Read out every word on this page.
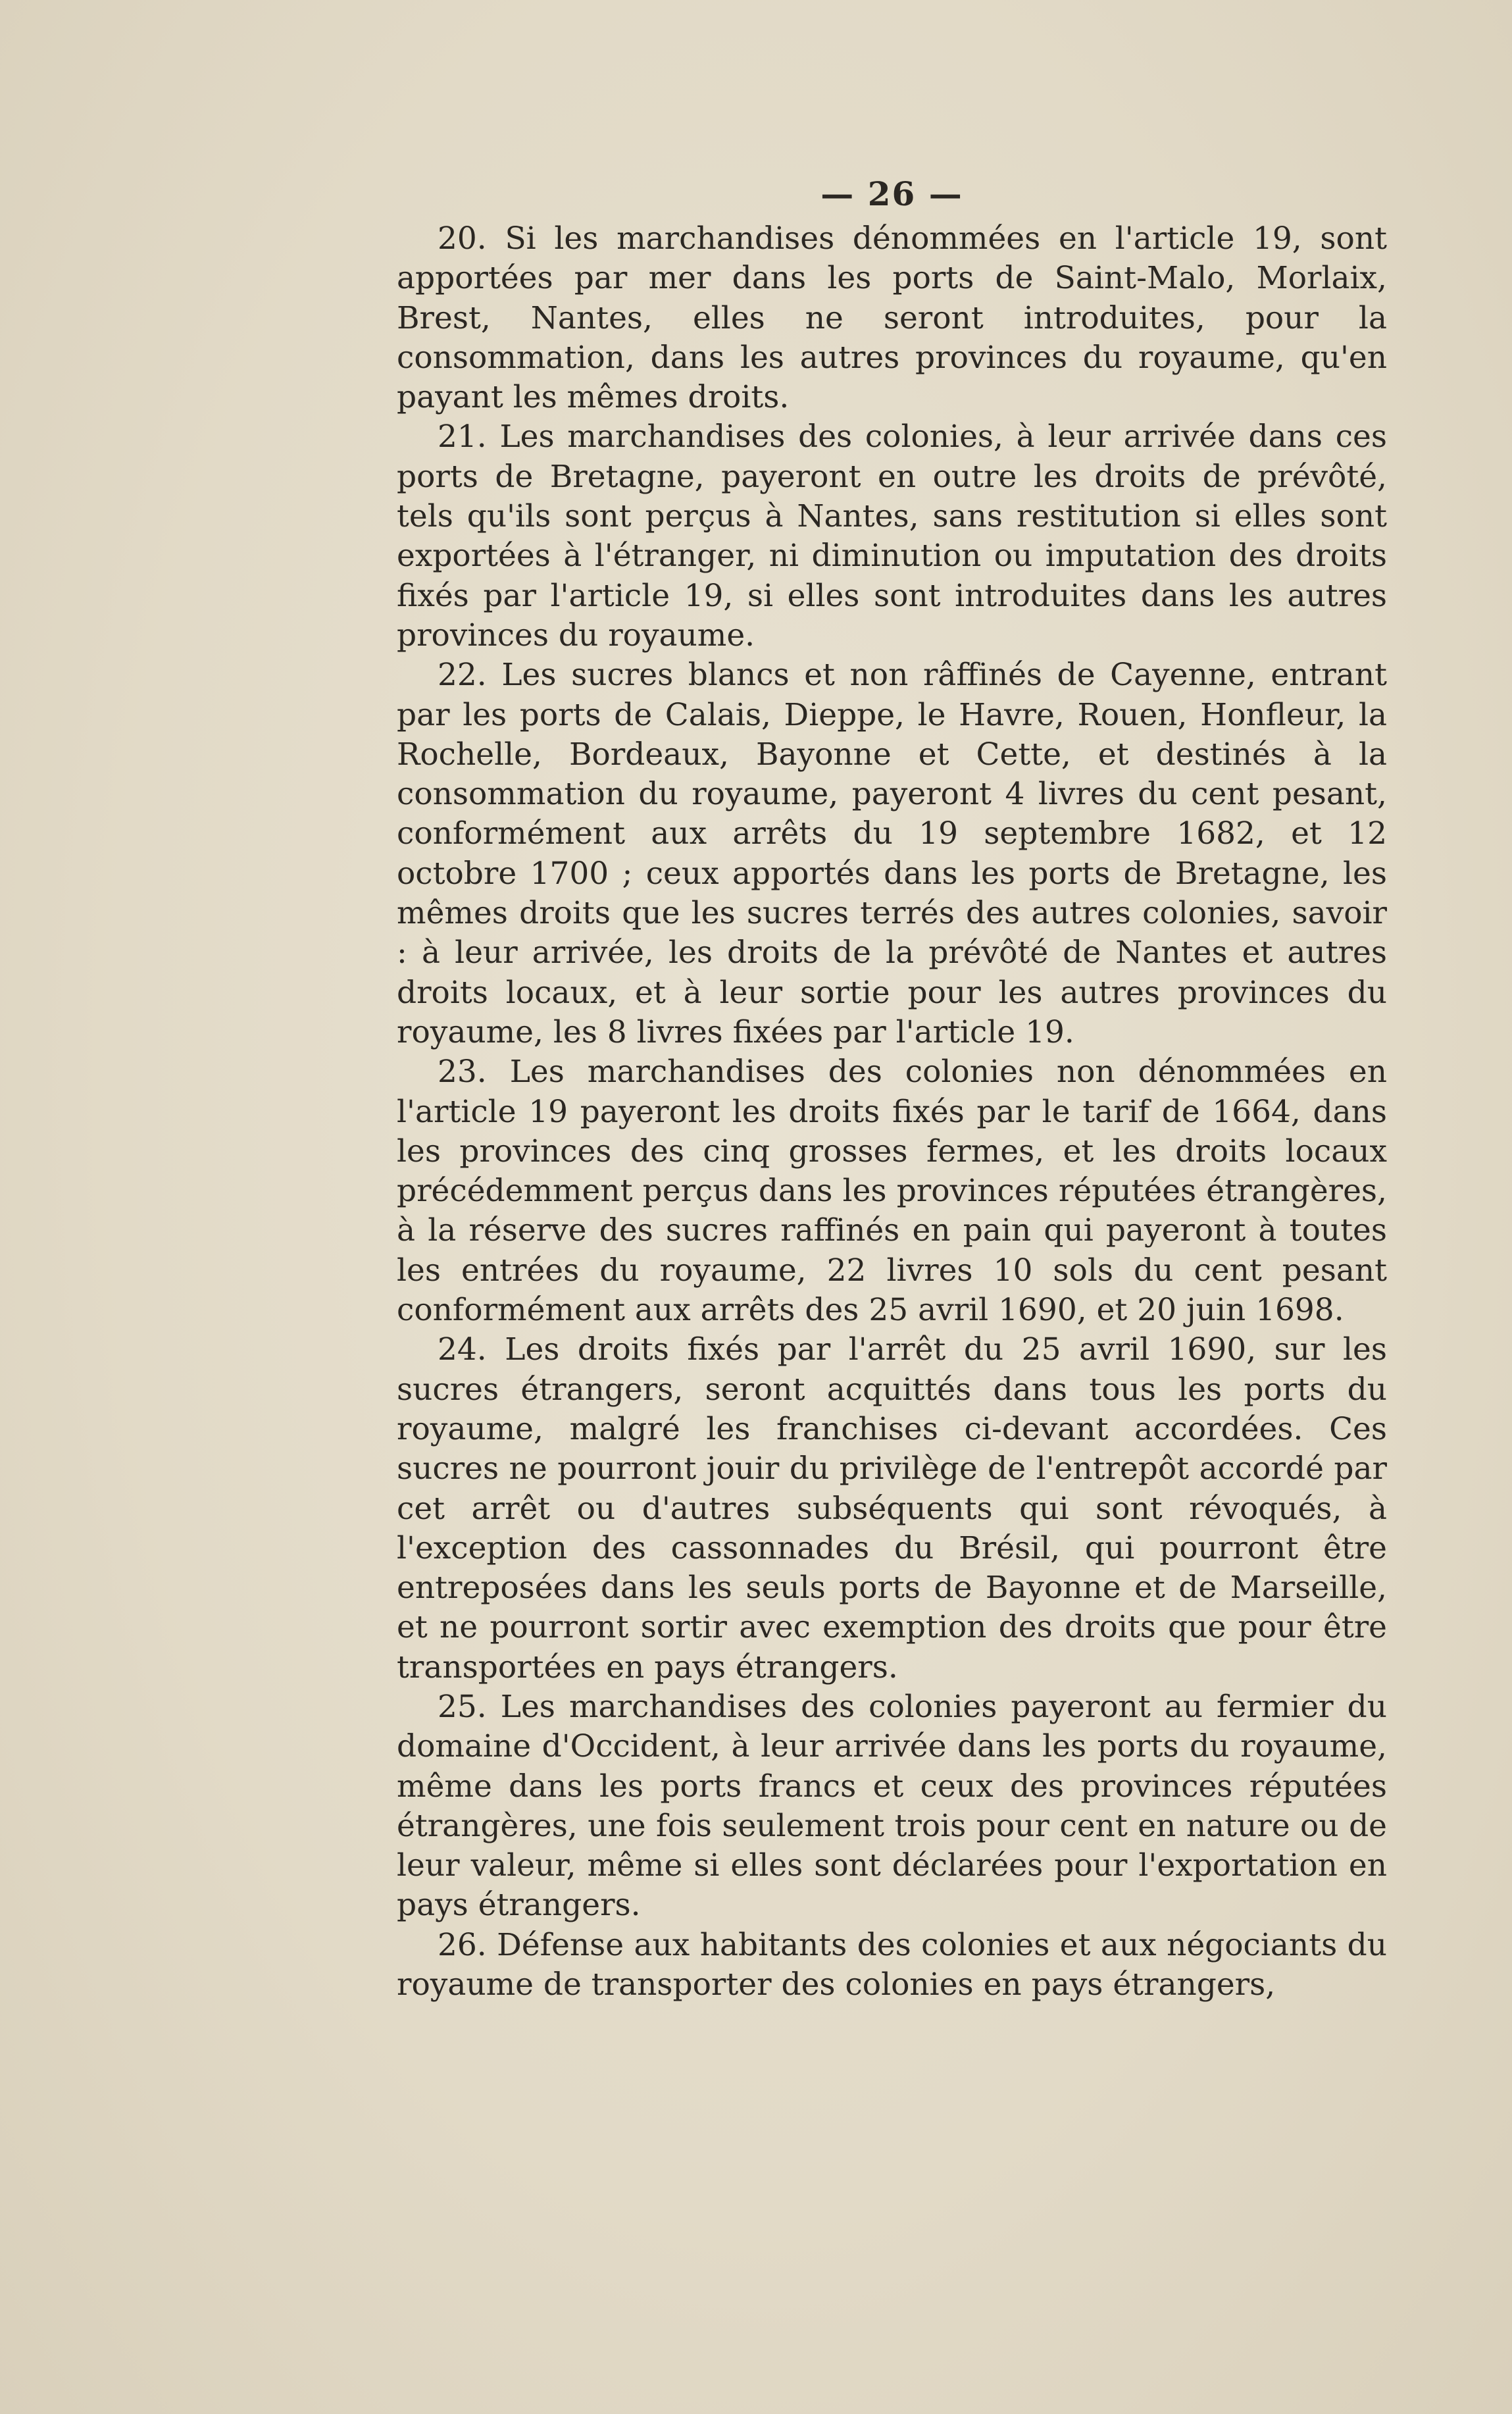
— 26 —

20. Si les marchandises dénommées en l'article 19, sont apportées par mer dans les ports de Saint-Malo, Morlaix, Brest, Nantes, elles ne seront introduites, pour la consommation, dans les autres provinces du royaume, qu'en payant les mêmes droits.

21. Les marchandises des colonies, à leur arrivée dans ces ports de Bretagne, payeront en outre les droits de prévôté, tels qu'ils sont perçus à Nantes, sans restitution si elles sont exportées à l'étranger, ni diminution ou imputation des droits fixés par l'article 19, si elles sont introduites dans les autres provinces du royaume.

22. Les sucres blancs et non râffinés de Cayenne, entrant par les ports de Calais, Dieppe, le Havre, Rouen, Honfleur, la Rochelle, Bordeaux, Bayonne et Cette, et destinés à la consommation du royaume, payeront 4 livres du cent pesant, conformément aux arrêts du 19 septembre 1682, et 12 octobre 1700 ; ceux apportés dans les ports de Bretagne, les mêmes droits que les sucres terrés des autres colonies, savoir : à leur arrivée, les droits de la prévôté de Nantes et autres droits locaux, et à leur sortie pour les autres provinces du royaume, les 8 livres fixées par l'article 19.

23. Les marchandises des colonies non dénommées en l'article 19 payeront les droits fixés par le tarif de 1664, dans les provinces des cinq grosses fermes, et les droits locaux précédemment perçus dans les provinces réputées étrangères, à la réserve des sucres raffinés en pain qui payeront à toutes les entrées du royaume, 22 livres 10 sols du cent pesant conformément aux arrêts des 25 avril 1690, et 20 juin 1698.

24. Les droits fixés par l'arrêt du 25 avril 1690, sur les sucres étrangers, seront acquittés dans tous les ports du royaume, malgré les franchises ci-devant accordées. Ces sucres ne pourront jouir du privilège de l'entrepôt accordé par cet arrêt ou d'autres subséquents qui sont révoqués, à l'exception des cassonnades du Brésil, qui pourront être entreposées dans les seuls ports de Bayonne et de Marseille, et ne pourront sortir avec exemption des droits que pour être transportées en pays étrangers.

25. Les marchandises des colonies payeront au fermier du domaine d'Occident, à leur arrivée dans les ports du royaume, même dans les ports francs et ceux des provinces réputées étrangères, une fois seulement trois pour cent en nature ou de leur valeur, même si elles sont déclarées pour l'exportation en pays étrangers.

26. Défense aux habitants des colonies et aux négociants du royaume de transporter des colonies en pays étrangers,
